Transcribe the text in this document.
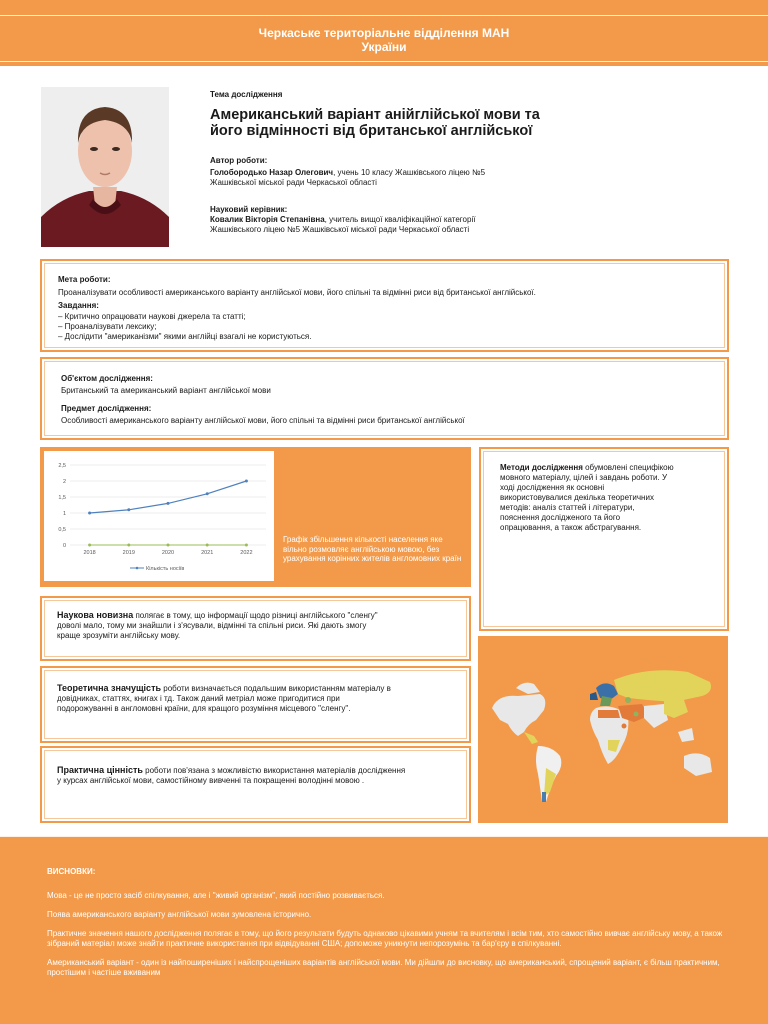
Черкаське територіальне відділення МАН
України
Тема дослідження
Американський варіант анійглійської мови та
його відмінності від британської англійської
Автор роботи:
Голобородько Назар Олегович, учень 10 класу Жашківського ліцею №5
Жашківської міської ради Черкаської області
Науковий керівник:
Ковалик Вікторія Степанівна, учитель вищої кваліфікаційної категорії
Жашківського ліцею №5 Жашківської міської ради Черкаської області
Мета роботи:
Проаналізувати особливості американського варіанту англійської мови, його спільні та відмінні риси від британської англійської.
Завдання:
– Критично опрацювати наукові джерела та статті;
– Проаналізувати лексику;
– Дослідити "американізми" якими англійці взагалі не користуються.
Об'єктом дослідження:
Британський та американський варіант англійської мови
Предмет дослідження:
Особливості американського варіанту англійської мови, його спільні та відмінні риси британської англійської
0
0,5
1
1,5
2
2,5
2018	2019	2020	2021	2022
Кількість носіїв
Графік збільшення кількості населення яке вільно розмовляє англійською мовою, без урахування корінних жителів англомовних країн
Методи дослідження обумовлені специфікою
мовного матеріалу, цілей і завдань роботи. У
ході дослідження як основні
використовувалися декілька теоретичних
методів: аналіз статтей і літератури,
пояснення дослідженого та його
опрацювання, а також абстрагування.
Наукова новизна полягає в тому, що інформації щодо різниці англійського "сленгу"
доволі мало, тому ми знайшли і з'ясували, відмінні та спільні риси. Які дають змогу
краще зрозуміти англійську мову.
Теоретична значущість роботи визначається подальшим використанням матеріалу в
довідниках, статтях, книгах і тд. Також даний метріал може пригодитися при
подорожуванні в англомовні країни, для кращого розуміння місцевого "сленгу".
Практична цінність роботи пов'язана з можливістю використання матеріалів дослідження
у курсах англійської мови, самостійному вивченні та покращенні володінні мовою .

ВИСНОВКИ:

Мова - це не просто засіб спілкування, але і "живий організм", який постійно розвивається.

Поява американського варіанту англійської мови зумовлена історично.

Практичне значення нашого дослідження полягає в тому, що його результати будуть однаково цікавими учням та вчителям і всім тим, хто самостійно вивчає англійську мову, а також зібраний матеріал може знайти практичне використання при відвідуванні США; допоможе уникнути непорозумінь та бар'єру в спілкуванні.

Американський варіант - один із найпоширеніших і найспрощеніших варіантів англійської мови. Ми дійшли до висновку, що американський, спрощений варіант, є більш практичним, простішим і частіше вживаним
